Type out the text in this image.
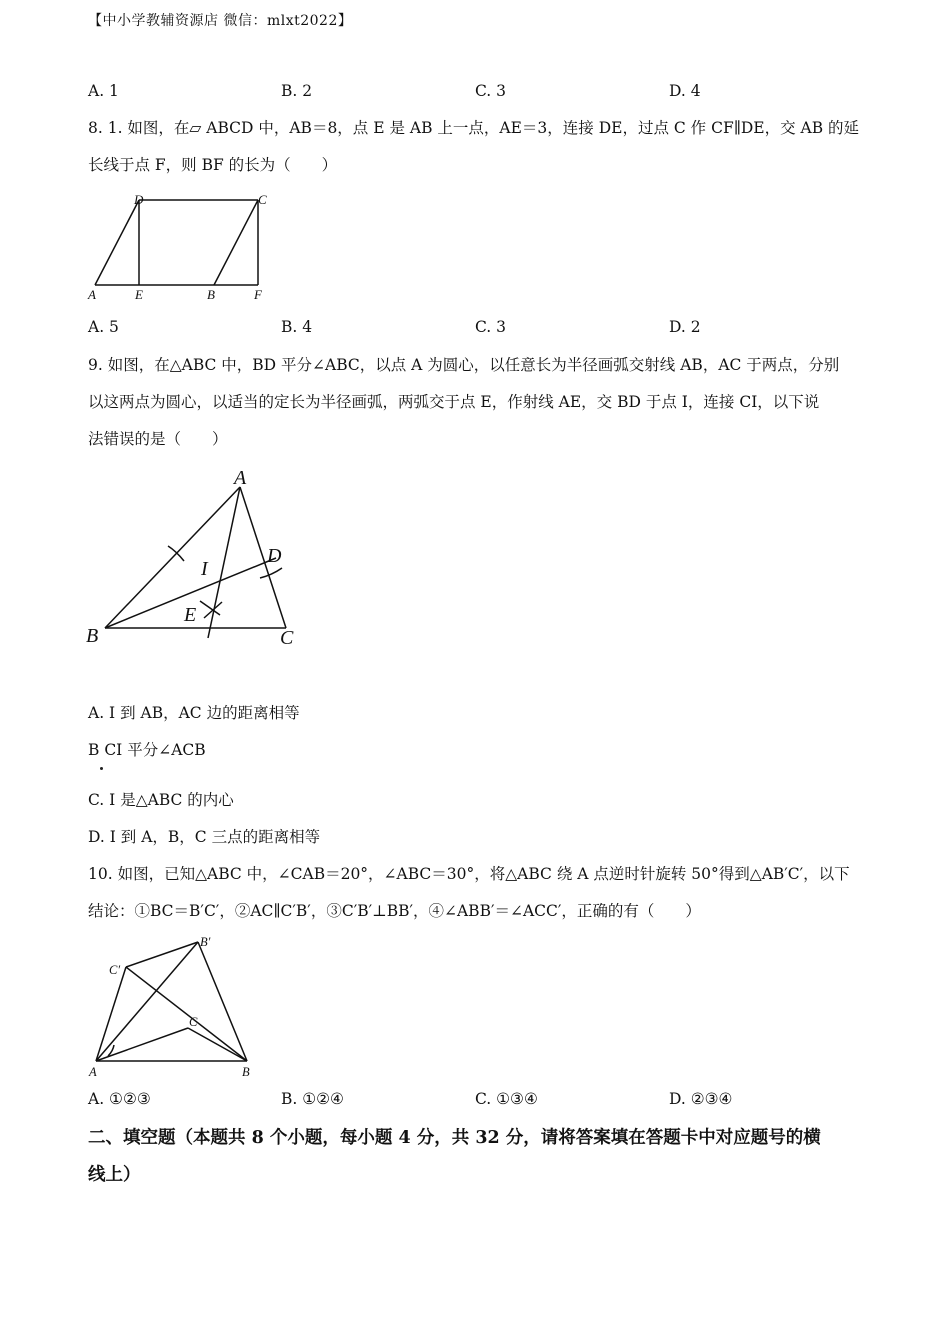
【中小学教辅资源店 微信：mlxt2022】
A. 1	B. 2	C. 3	D. 4
8. 1. 如图，在▱ ABCD 中，AB＝8，点 E 是 AB 上一点，AE＝3，连接 DE，过点 C 作 CF∥DE，交 AB 的延
长线于点 F，则 BF 的长为（　　）
D	C
A	E	B	F
A. 5	B. 4	C. 3	D. 2
9. 如图，在△ABC 中，BD 平分∠ABC，以点 A 为圆心，以任意长为半径画弧交射线 AB，AC 于两点，分别
以这两点为圆心，以适当的定长为半径画弧，两弧交于点 E，作射线 AE，交 BD 于点 I，连接 CI，以下说
法错误的是（　　）
A
D
I
E
B	C
A. I 到 AB，AC 边的距离相等
B CI 平分∠ACB
C. I 是△ABC 的内心
D. I 到 A，B，C 三点的距离相等
10. 如图，已知△ABC 中，∠CAB＝20°，∠ABC＝30°，将△ABC 绕 A 点逆时针旋转 50°得到△AB′C′，以下
结论：①BC＝B′C′，②AC∥C′B′，③C′B′⊥BB′，④∠ABB′＝∠ACC′，正确的有（　　）
B′
C′
C
A	B
A. ①②③	B. ①②④	C. ①③④	D. ②③④
二、填空题（本题共 8 个小题，每小题 4 分，共 32 分，请将答案填在答题卡中对应题号的横
线上）
